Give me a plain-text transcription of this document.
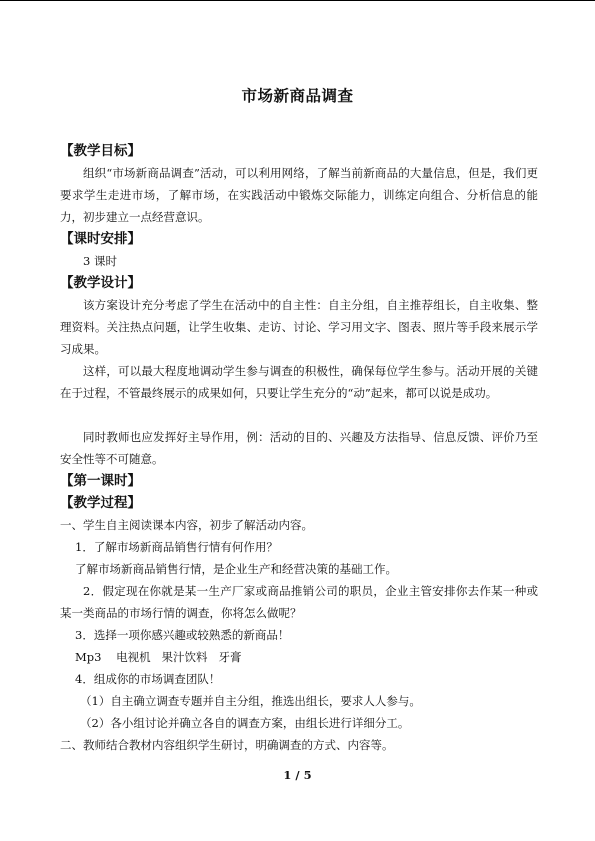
市场新商品调查

【教学目标】

组织“市场新商品调查”活动，可以利用网络，了解当前新商品的大量信息，但是，我们更要求学生走进市场，了解市场，在实践活动中锻炼交际能力，训练定向组合、分析信息的能力，初步建立一点经营意识。

【课时安排】

3 课时

【教学设计】

该方案设计充分考虑了学生在活动中的自主性：自主分组，自主推荐组长，自主收集、整理资料。关注热点问题，让学生收集、走访、讨论、学习用文字、图表、照片等手段来展示学习成果。

这样，可以最大程度地调动学生参与调查的积极性，确保每位学生参与。活动开展的关键在于过程，不管最终展示的成果如何，只要让学生充分的“动”起来，都可以说是成功。

同时教师也应发挥好主导作用，例：活动的目的、兴趣及方法指导、信息反馈、评价乃至安全性等不可随意。

【第一课时】

【教学过程】

一、学生自主阅读课本内容，初步了解活动内容。

1．了解市场新商品销售行情有何作用？

了解市场新商品销售行情，是企业生产和经营决策的基础工作。

2．假定现在你就是某一生产厂家或商品推销公司的职员，企业主管安排你去作某一种或某一类商品的市场行情的调查，你将怎么做呢？

3．选择一项你感兴趣或较熟悉的新商品！

Mp3    电视机   果汁饮料   牙膏

4．组成你的市场调查团队！

（1）自主确立调查专题并自主分组，推选出组长，要求人人参与。

（2）各小组讨论并确立各自的调查方案，由组长进行详细分工。

二、教师结合教材内容组织学生研讨，明确调查的方式、内容等。

1 / 5
